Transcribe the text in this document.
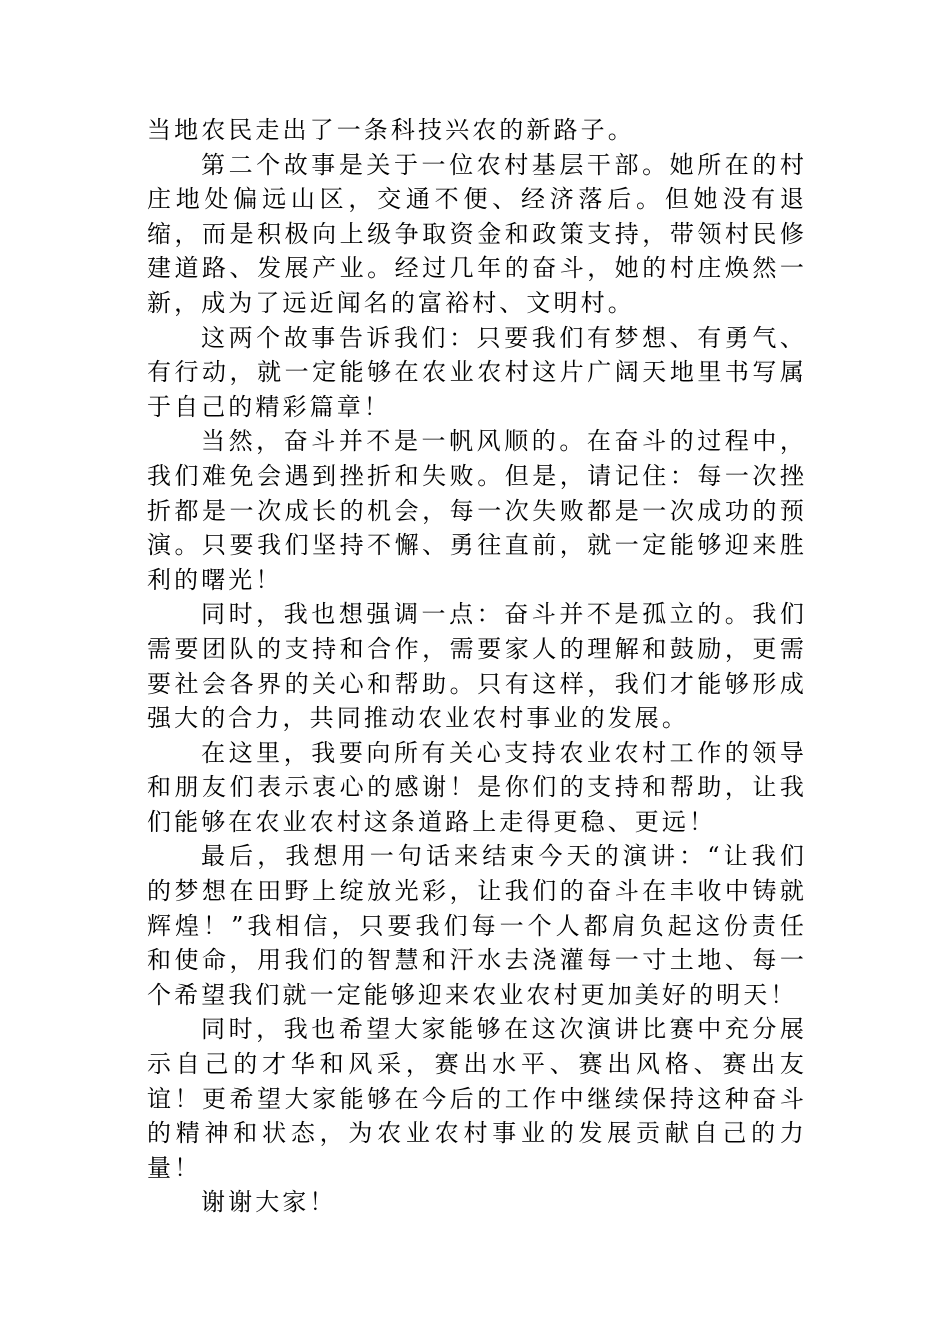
当地农民走出了一条科技兴农的新路子。

第二个故事是关于一位农村基层干部。她所在的村庄地处偏远山区，交通不便、经济落后。但她没有退缩，而是积极向上级争取资金和政策支持，带领村民修建道路、发展产业。经过几年的奋斗，她的村庄焕然一新，成为了远近闻名的富裕村、文明村。

这两个故事告诉我们：只要我们有梦想、有勇气、有行动，就一定能够在农业农村这片广阔天地里书写属于自己的精彩篇章！

当然，奋斗并不是一帆风顺的。在奋斗的过程中，我们难免会遇到挫折和失败。但是，请记住：每一次挫折都是一次成长的机会，每一次失败都是一次成功的预演。只要我们坚持不懈、勇往直前，就一定能够迎来胜利的曙光！

同时，我也想强调一点：奋斗并不是孤立的。我们需要团队的支持和合作，需要家人的理解和鼓励，更需要社会各界的关心和帮助。只有这样，我们才能够形成强大的合力，共同推动农业农村事业的发展。

在这里，我要向所有关心支持农业农村工作的领导和朋友们表示衷心的感谢！是你们的支持和帮助，让我们能够在农业农村这条道路上走得更稳、更远！

最后，我想用一句话来结束今天的演讲：“让我们的梦想在田野上绽放光彩，让我们的奋斗在丰收中铸就辉煌！”我相信，只要我们每一个人都肩负起这份责任和使命，用我们的智慧和汗水去浇灌每一寸土地、每一个希望我们就一定能够迎来农业农村更加美好的明天！

同时，我也希望大家能够在这次演讲比赛中充分展示自己的才华和风采，赛出水平、赛出风格、赛出友谊！更希望大家能够在今后的工作中继续保持这种奋斗的精神和状态，为农业农村事业的发展贡献自己的力量！

谢谢大家！
